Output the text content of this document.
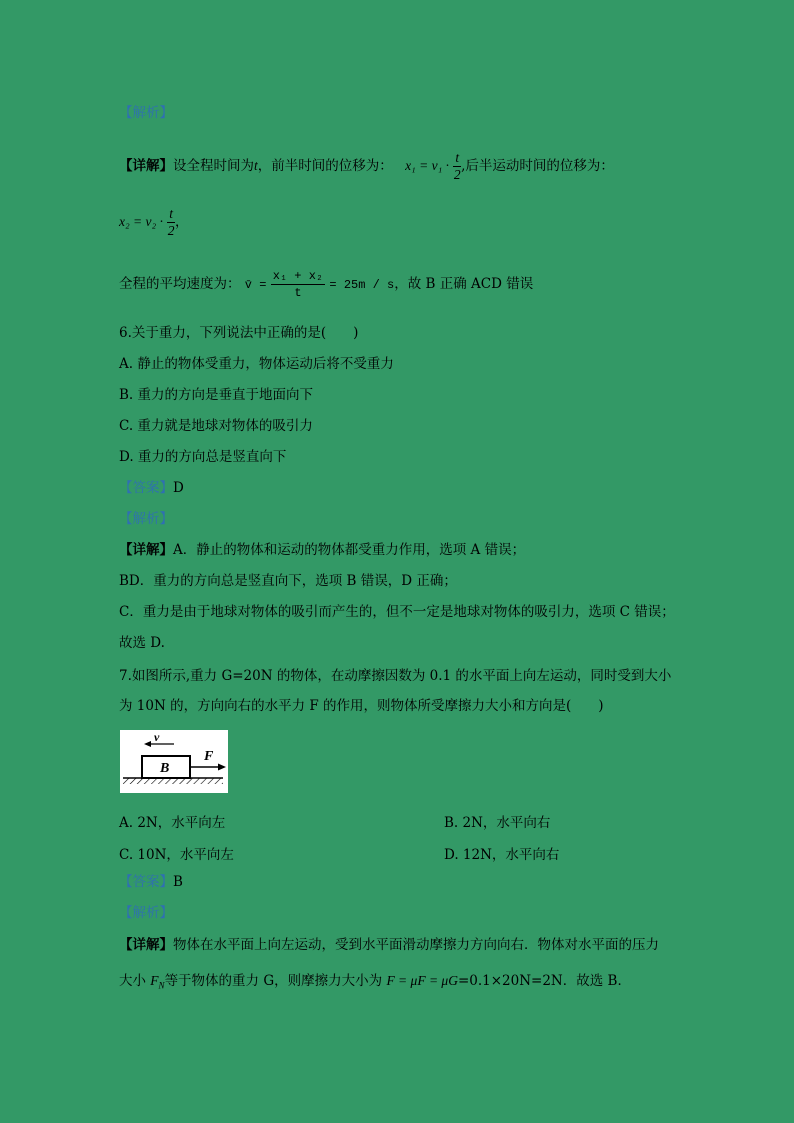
【解析】
【详解】设全程时间为t，前半时间的位移为： $x_1 = v_1 \cdot \frac{t}{2}$ ,后半运动时间的位移为：
$x_2 = v_2 \cdot \frac{t}{2}$ ，
全程的平均速度为： v̄ = $\frac{\text{x₁ + x₂}}{t} = 25m / s$，故 B 正确 ACD 错误
6.关于重力，下列说法中正确的是(　　)
A. 静止的物体受重力，物体运动后将不受重力
B. 重力的方向是垂直于地面向下
C. 重力就是地球对物体的吸引力
D. 重力的方向总是竖直向下
【答案】D
【解析】
【详解】A．静止的物体和运动的物体都受重力作用，选项 A 错误；
BD．重力的方向总是竖直向下，选项 B 错误，D 正确；
C．重力是由于地球对物体的吸引而产生的，但不一定是地球对物体的吸引力，选项 C 错误；
故选 D.
7.如图所示,重力 G=20N 的物体，在动摩擦因数为 0.1 的水平面上向左运动，同时受到大小
为 10N 的，方向向右的水平力 F 的作用，则物体所受摩擦力大小和方向是(　　)
B
v
F
A. 2N，水平向左	B. 2N，水平向右
C. 10N，水平向左	D. 12N，水平向右
【答案】B
【解析】
【详解】物体在水平面上向左运动，受到水平面滑动摩擦力方向向右．物体对水平面的压力
大小 $F_N$等于物体的重力 G，则摩擦力大小为 F = μF = μG=0.1×20N=2N．故选 B．
